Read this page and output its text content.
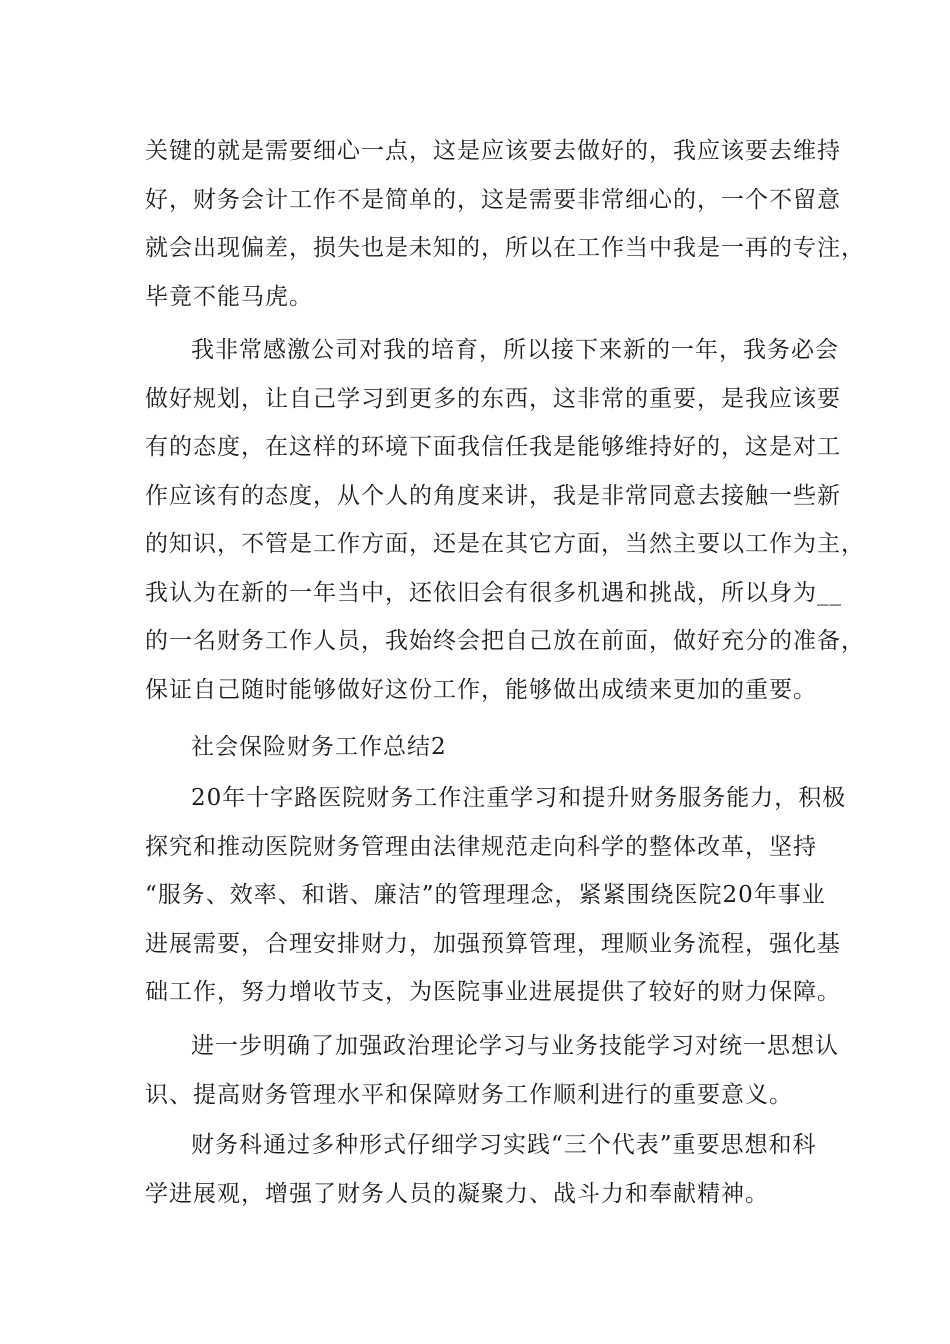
关键的就是需要细心一点，这是应该要去做好的，我应该要去维持
好，财务会计工作不是简单的，这是需要非常细心的，一个不留意
就会出现偏差，损失也是未知的，所以在工作当中我是一再的专注，
毕竟不能马虎。
我非常感激公司对我的培育，所以接下来新的一年，我务必会
做好规划，让自己学习到更多的东西，这非常的重要，是我应该要
有的态度，在这样的环境下面我信任我是能够维持好的，这是对工
作应该有的态度，从个人的角度来讲，我是非常同意去接触一些新
的知识，不管是工作方面，还是在其它方面，当然主要以工作为主，
我认为在新的一年当中，还依旧会有很多机遇和挑战，所以身为__
的一名财务工作人员，我始终会把自己放在前面，做好充分的准备，
保证自己随时能够做好这份工作，能够做出成绩来更加的重要。
社会保险财务工作总结2
20年十字路医院财务工作注重学习和提升财务服务能力，积极
探究和推动医院财务管理由法律规范走向科学的整体改革，坚持
“服务、效率、和谐、廉洁”的管理理念，紧紧围绕医院20年事业
进展需要，合理安排财力，加强预算管理，理顺业务流程，强化基
础工作，努力增收节支，为医院事业进展提供了较好的财力保障。
进一步明确了加强政治理论学习与业务技能学习对统一思想认
识、提高财务管理水平和保障财务工作顺利进行的重要意义。
财务科通过多种形式仔细学习实践“三个代表”重要思想和科
学进展观，增强了财务人员的凝聚力、战斗力和奉献精神。
